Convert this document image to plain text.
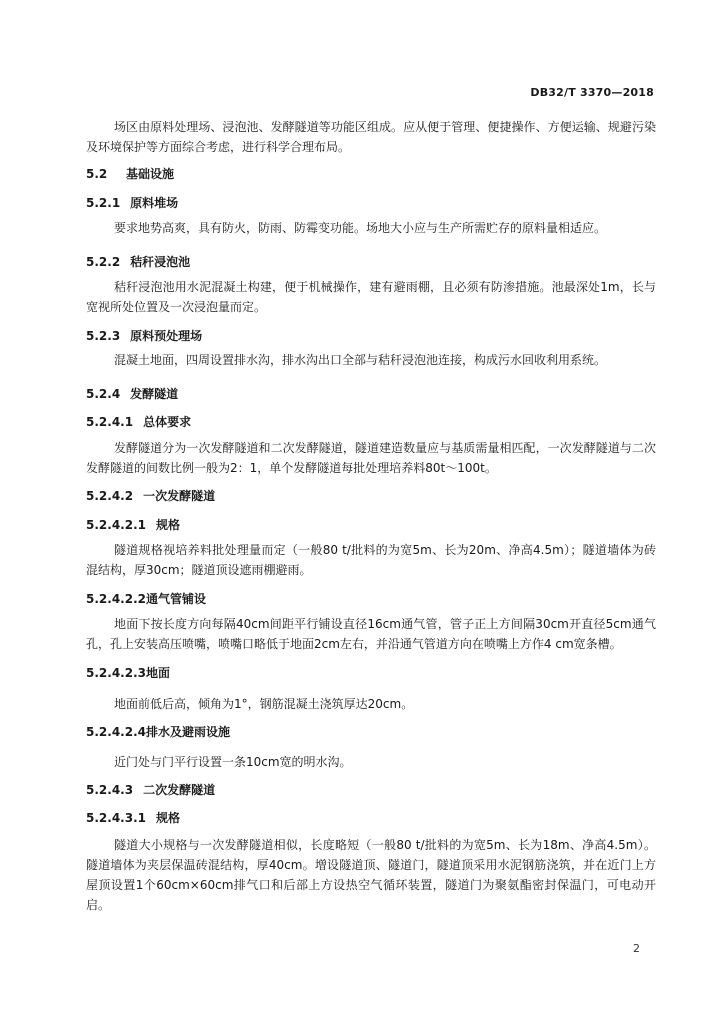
DB32/T 3370—2018

场区由原料处理场、浸泡池、发酵隧道等功能区组成。应从便于管理、便捷操作、方便运输、规避污染及环境保护等方面综合考虑，进行科学合理布局。

5.2 基础设施
5.2.1 原料堆场

要求地势高爽，具有防火，防雨、防霉变功能。场地大小应与生产所需贮存的原料量相适应。

5.2.2 秸秆浸泡池

秸秆浸泡池用水泥混凝土构建，便于机械操作，建有避雨棚，且必须有防渗措施。池最深处1m，长与宽视所处位置及一次浸泡量而定。

5.2.3 原料预处理场

混凝土地面，四周设置排水沟，排水沟出口全部与秸秆浸泡池连接，构成污水回收利用系统。

5.2.4 发酵隧道
5.2.4.1 总体要求

发酵隧道分为一次发酵隧道和二次发酵隧道，隧道建造数量应与基质需量相匹配，一次发酵隧道与二次发酵隧道的间数比例一般为2：1，单个发酵隧道每批处理培养料80t～100t。

5.2.4.2 一次发酵隧道
5.2.4.2.1 规格

隧道规格视培养料批处理量而定（一般80 t/批料的为宽5m、长为20m、净高4.5m）；隧道墙体为砖混结构，厚30cm；隧道顶设遮雨棚避雨。

5.2.4.2.2通气管铺设

地面下按长度方向每隔40cm间距平行铺设直径16cm通气管，管子正上方间隔30cm开直径5cm通气孔，孔上安装高压喷嘴，喷嘴口略低于地面2cm左右，并沿通气管道方向在喷嘴上方作4 cm宽条槽。

5.2.4.2.3地面

地面前低后高，倾角为1°，钢筋混凝土浇筑厚达20cm。

5.2.4.2.4排水及避雨设施

近门处与门平行设置一条10cm宽的明水沟。

5.2.4.3 二次发酵隧道
5.2.4.3.1 规格

隧道大小规格与一次发酵隧道相似，长度略短（一般80 t/批料的为宽5m、长为18m、净高4.5m）。隧道墙体为夹层保温砖混结构，厚40cm。增设隧道顶、隧道门，隧道顶采用水泥钢筋浇筑，并在近门上方屋顶设置1个60cm×60cm排气口和后部上方设热空气循环装置，隧道门为聚氨酯密封保温门，可电动开启。

2
